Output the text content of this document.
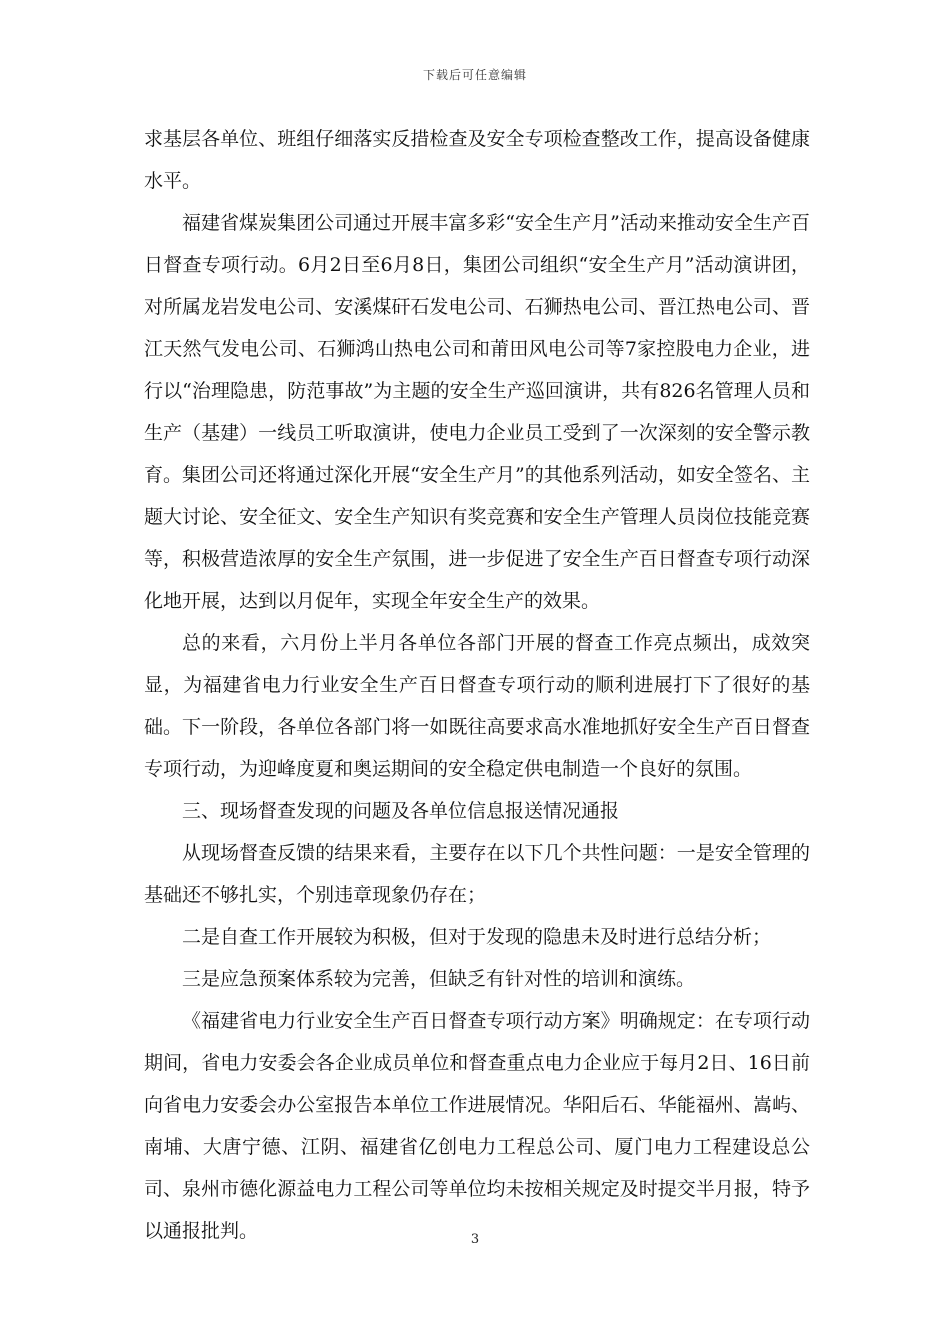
下载后可任意编辑

求基层各单位、班组仔细落实反措检查及安全专项检查整改工作，提高设备健康水平。

福建省煤炭集团公司通过开展丰富多彩“安全生产月”活动来推动安全生产百日督查专项行动。6月2日至6月8日，集团公司组织“安全生产月”活动演讲团，对所属龙岩发电公司、安溪煤矸石发电公司、石狮热电公司、晋江热电公司、晋江天然气发电公司、石狮鸿山热电公司和莆田风电公司等7家控股电力企业，进行以“治理隐患，防范事故”为主题的安全生产巡回演讲，共有826名管理人员和生产（基建）一线员工听取演讲，使电力企业员工受到了一次深刻的安全警示教育。集团公司还将通过深化开展“安全生产月”的其他系列活动，如安全签名、主题大讨论、安全征文、安全生产知识有奖竞赛和安全生产管理人员岗位技能竞赛等，积极营造浓厚的安全生产氛围，进一步促进了安全生产百日督查专项行动深化地开展，达到以月促年，实现全年安全生产的效果。

总的来看，六月份上半月各单位各部门开展的督查工作亮点频出，成效突显，为福建省电力行业安全生产百日督查专项行动的顺利进展打下了很好的基础。下一阶段，各单位各部门将一如既往高要求高水准地抓好安全生产百日督查专项行动，为迎峰度夏和奥运期间的安全稳定供电制造一个良好的氛围。

三、现场督查发现的问题及各单位信息报送情况通报

从现场督查反馈的结果来看，主要存在以下几个共性问题：一是安全管理的基础还不够扎实，个别违章现象仍存在；

二是自查工作开展较为积极，但对于发现的隐患未及时进行总结分析；

三是应急预案体系较为完善，但缺乏有针对性的培训和演练。

《福建省电力行业安全生产百日督查专项行动方案》明确规定：在专项行动期间，省电力安委会各企业成员单位和督查重点电力企业应于每月2日、16日前向省电力安委会办公室报告本单位工作进展情况。华阳后石、华能福州、嵩屿、南埔、大唐宁德、江阴、福建省亿创电力工程总公司、厦门电力工程建设总公司、泉州市德化源益电力工程公司等单位均未按相关规定及时提交半月报，特予以通报批判。	3
